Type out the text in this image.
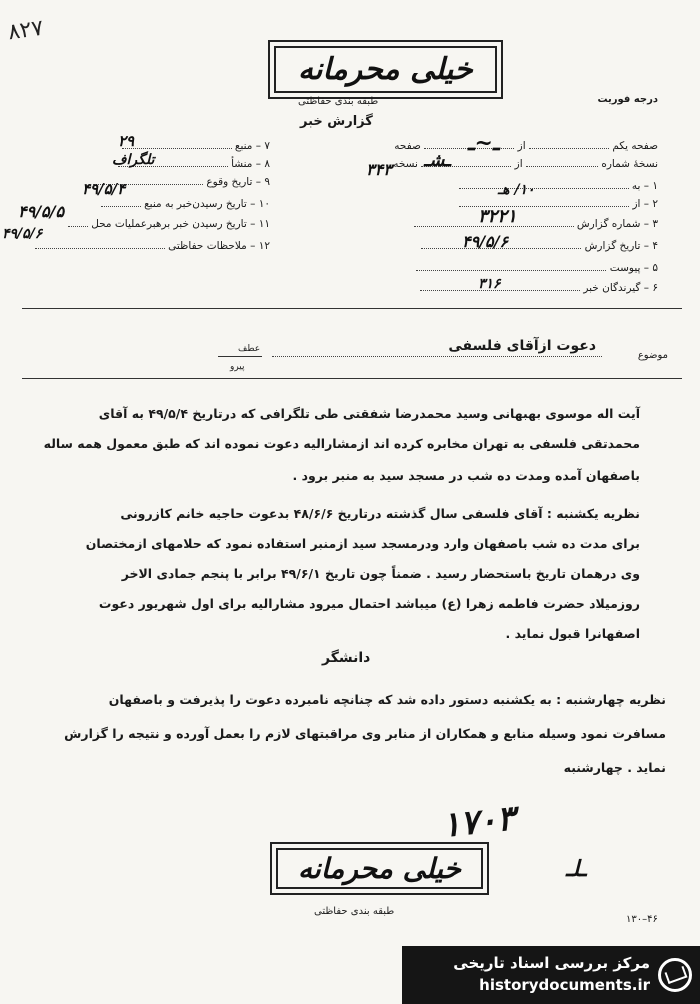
۸۲۷
خیلی محرمانه
طبقه بندی حفاظتی	درجه فوریت
گزارش خبر
۷ – منبع
۲۹
۸ – منشأ
تلگراف
۹ – تاریخ وقوع
۴۹/۵/۴
۱۰ – تاریخ رسیدن‌خبر به منبع
۴۹/۵/۵
۱۱ – تاریخ رسیدن خبر برهبرعملیات محل
۴۹/۵/۶
۱۲ – ملاحظات حفاظتی
صفحه یکم  از  صفحه
نسخهٔ شماره  از  نسخه
ـ~ـ
ـشـ
۳۴۳
۱ – به
۱۰/ هـ
۲ – از
۳ – شماره گزارش
۳۲۲۱
۴ – تاریخ گزارش
۴۹/۵/۶
۵ – پیوست
۶ – گیرندگان خبر
۳۱۶
موضوع
دعوت ازآقای فلسفی
عطف
پیرو
آیت اله موسوی بهبهانی وسید محمدرضا شفقتی طی تلگرافی که درتاریخ ۴۹/۵/۴ به آقای
محمدتقی فلسفی به تهران مخابره کرده اند ازمشارالیه دعوت نموده اند که طبق معمول همه ساله
باصفهان آمده ومدت ده شب در مسجد سید به منبر برود .
نظریه یکشنبه : آقای فلسفی سال گذشته درتاریخ ۴۸/۶/۶ بدعوت حاجیه خانم کازرونی
برای مدت ده شب باصفهان وارد ودرمسجد سید ازمنبر استفاده نمود که حلامهای ازمختصان
وی درهمان تاریخ باستحضار رسید . ضمناً چون تاریخ ۴۹/۶/۱ برابر با پنجم جمادی الاخر
روزمیلاد حضرت فاطمه زهرا (ع) میباشد احتمال میرود مشارالیه برای اول شهریور دعوت
اصفهانرا قبول نماید .
دانشگر
نظریه چهارشنبه : به یکشنبه دستور داده شد که چنانچه نامبرده دعوت را پذیرفت و باصفهان
مسافرت نمود وسیله منابع و همکاران از منابر وی مراقبتهای لازم را بعمل آورده و نتیجه را گزارش
نماید . چهارشنبه
۱۷۰۳
ـلـ
خیلی محرمانه
طبقه بندی حفاظتی
۱۳۰–۴۶
مرکز بررسی اسناد تاریخی
historydocuments.ir
